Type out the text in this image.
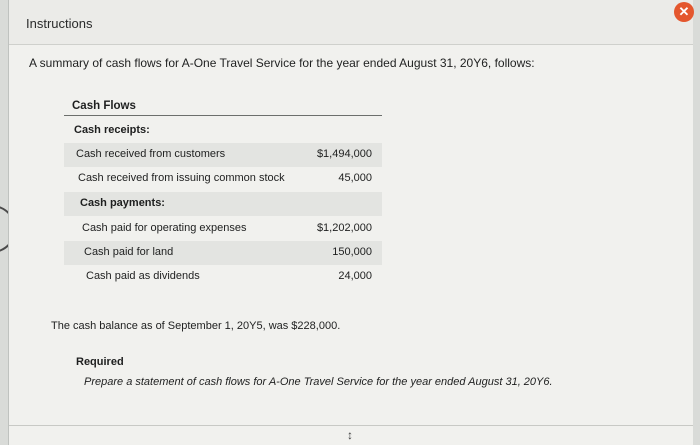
Instructions
A summary of cash flows for A-One Travel Service for the year ended August 31, 20Y6, follows:
Cash Flows
Cash receipts:
Cash received from customers	$1,494,000
Cash received from issuing common stock	45,000
Cash payments:
Cash paid for operating expenses	$1,202,000
Cash paid for land	150,000
Cash paid as dividends	24,000
The cash balance as of September 1, 20Y5, was $228,000.
Required
Prepare a statement of cash flows for A-One Travel Service for the year ended August 31, 20Y6.
↕
✕
